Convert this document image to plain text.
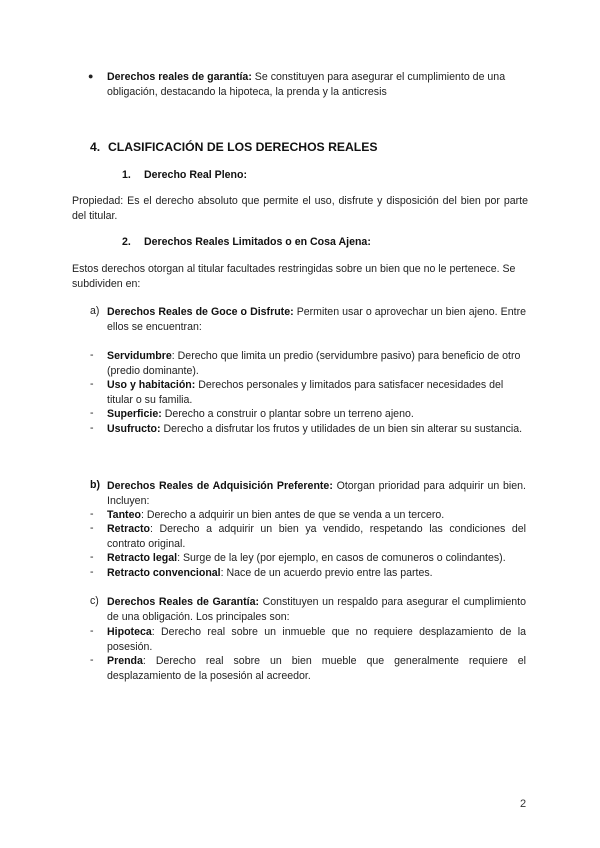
● Derechos reales de garantía: Se constituyen para asegurar el cumplimiento de una obligación, destacando la hipoteca, la prenda y la anticresis
4. CLASIFICACIÓN DE LOS DERECHOS REALES
1. Derecho Real Pleno:

Propiedad: Es el derecho absoluto que permite el uso, disfrute y disposición del bien por parte del titular.

2. Derechos Reales Limitados o en Cosa Ajena:

Estos derechos otorgan al titular facultades restringidas sobre un bien que no le pertenece. Se subdividen en:

a) Derechos Reales de Goce o Disfrute: Permiten usar o aprovechar un bien ajeno. Entre ellos se encuentran:
- Servidumbre: Derecho que limita un predio (servidumbre pasivo) para beneficio de otro (predio dominante).
- Uso y habitación: Derechos personales y limitados para satisfacer necesidades del titular o su familia.
- Superficie: Derecho a construir o plantar sobre un terreno ajeno.
- Usufructo: Derecho a disfrutar los frutos y utilidades de un bien sin alterar su sustancia.
b) Derechos Reales de Adquisición Preferente: Otorgan prioridad para adquirir un bien. Incluyen:
- Tanteo: Derecho a adquirir un bien antes de que se venda a un tercero.
- Retracto: Derecho a adquirir un bien ya vendido, respetando las condiciones del contrato original.
- Retracto legal: Surge de la ley (por ejemplo, en casos de comuneros o colindantes).
- Retracto convencional: Nace de un acuerdo previo entre las partes.
c) Derechos Reales de Garantía: Constituyen un respaldo para asegurar el cumplimiento de una obligación. Los principales son:
- Hipoteca: Derecho real sobre un inmueble que no requiere desplazamiento de la posesión.
- Prenda: Derecho real sobre un bien mueble que generalmente requiere el desplazamiento de la posesión al acreedor.
2
